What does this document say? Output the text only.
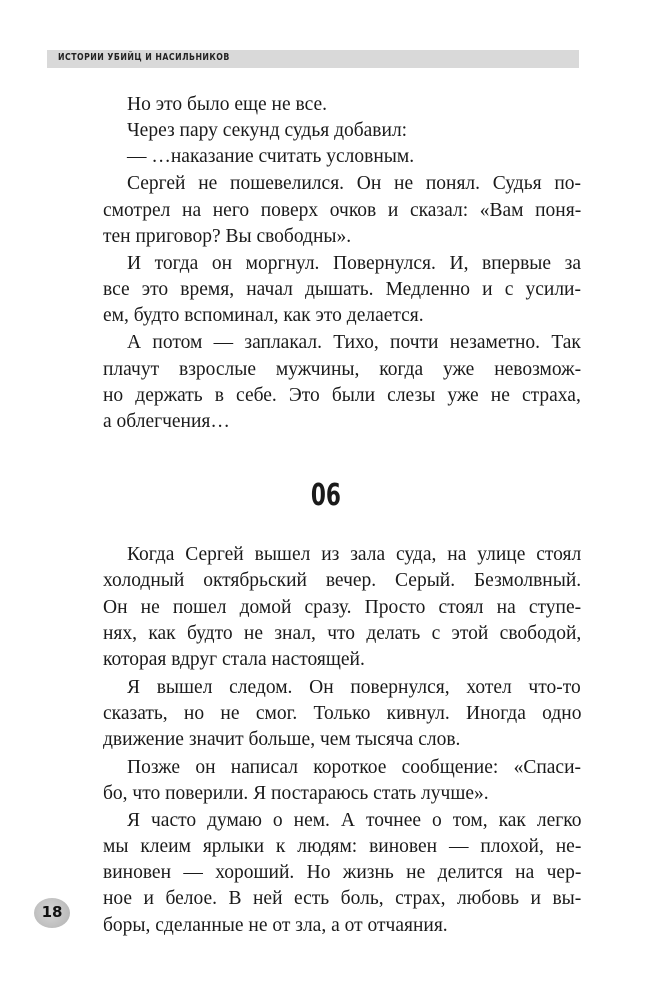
ИСТОРИИ УБИЙЦ И НАСИЛЬНИКОВ
Но это было еще не все.
Через пару секунд судья добавил:
— …наказание считать условным.
Сергей не пошевелился. Он не понял. Судья по-
смотрел на него поверх очков и сказал: «Вам поня-
тен приговор? Вы свободны».
И тогда он моргнул. Повернулся. И, впервые за
все это время, начал дышать. Медленно и с усили-
ем, будто вспоминал, как это делается.
А потом — заплакал. Тихо, почти незаметно. Так
плачут взрослые мужчины, когда уже невозмож-
но держать в себе. Это были слезы уже не страха,
а облегчения…
06
Когда Сергей вышел из зала суда, на улице стоял
холодный октябрьский вечер. Серый. Безмолвный.
Он не пошел домой сразу. Просто стоял на ступе-
нях, как будто не знал, что делать с этой свободой,
которая вдруг стала настоящей.
Я вышел следом. Он повернулся, хотел что-то
сказать, но не смог. Только кивнул. Иногда одно
движение значит больше, чем тысяча слов.
Позже он написал короткое сообщение: «Спаси-
бо, что поверили. Я постараюсь стать лучше».
Я часто думаю о нем. А точнее о том, как легко
мы клеим ярлыки к людям: виновен — плохой, не-
виновен — хороший. Но жизнь не делится на чер-
ное и белое. В ней есть боль, страх, любовь и вы-
боры, сделанные не от зла, а от отчаяния.
18
